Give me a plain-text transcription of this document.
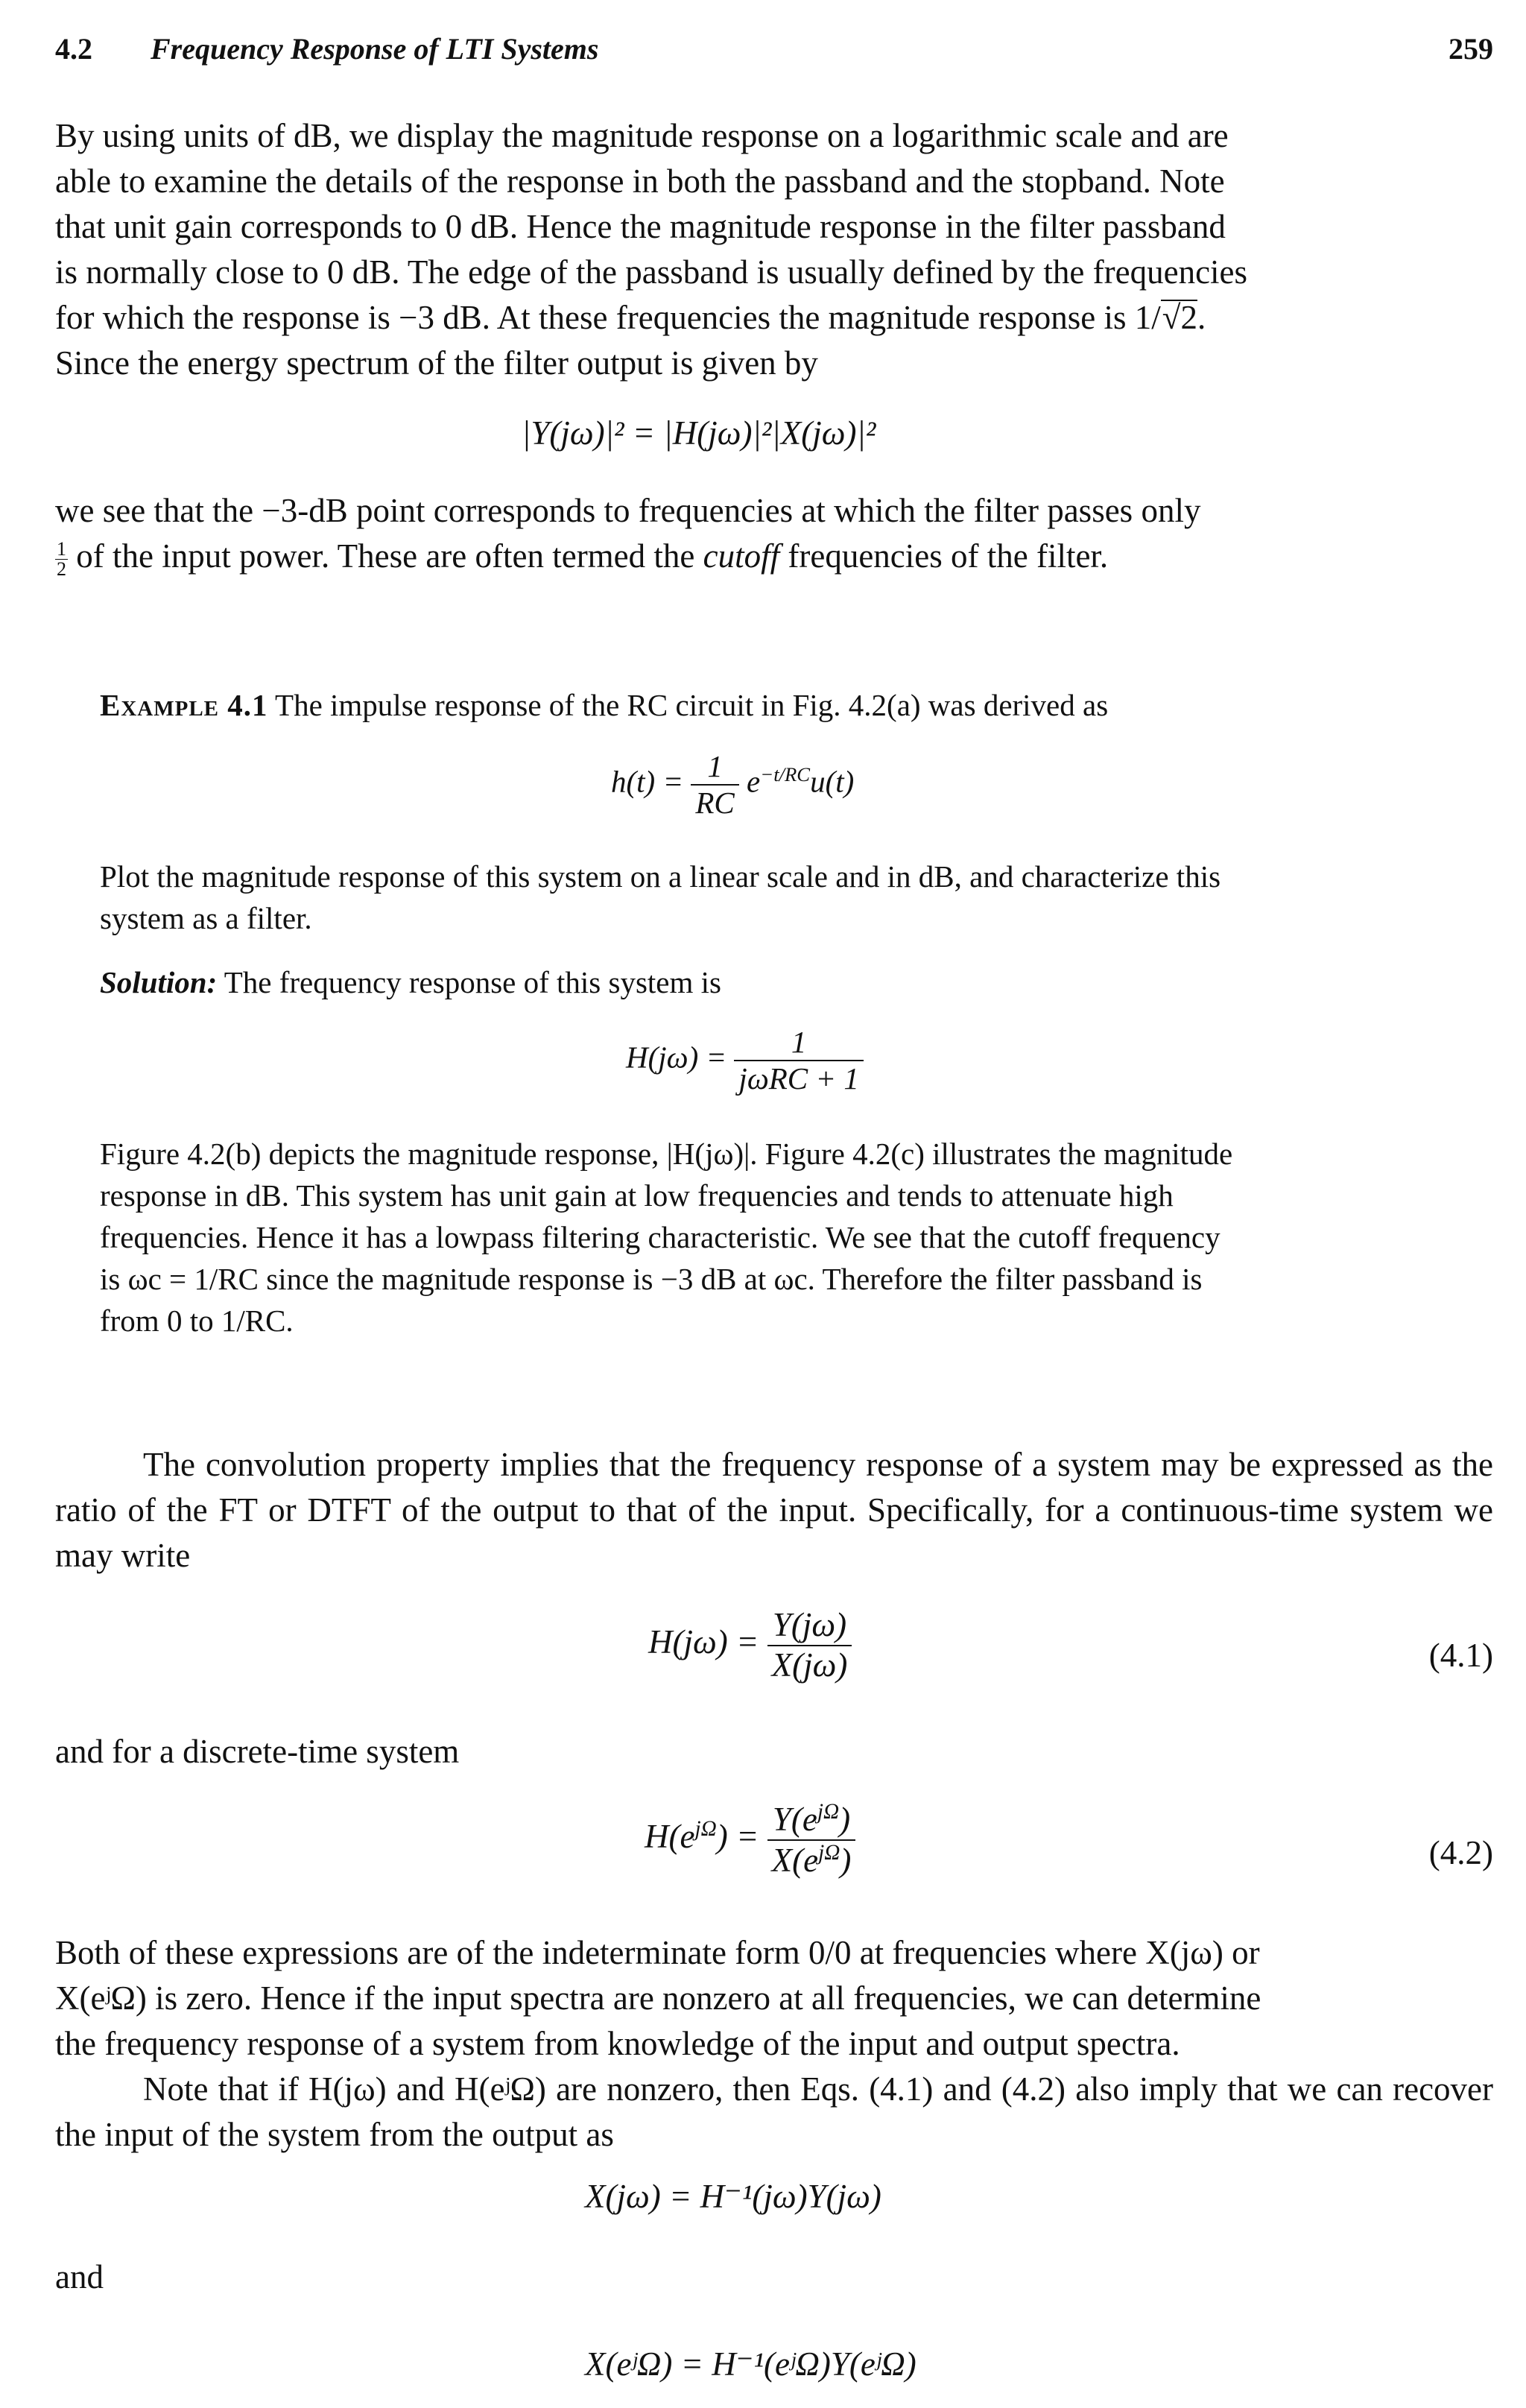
4.2 Frequency Response of LTI Systems	259
By using units of dB, we display the magnitude response on a logarithmic scale and are
able to examine the details of the response in both the passband and the stopband. Note
that unit gain corresponds to 0 dB. Hence the magnitude response in the filter passband
is normally close to 0 dB. The edge of the passband is usually defined by the frequencies
for which the response is −3 dB. At these frequencies the magnitude response is 1/√2.
Since the energy spectrum of the filter output is given by
|Y(jω)|² = |H(jω)|²|X(jω)|²
we see that the −3-dB point corresponds to frequencies at which the filter passes only
$\frac{1}{2}$ of the input power. These are often termed the cutoff frequencies of the filter.
Example 4.1 The impulse response of the RC circuit in Fig. 4.2(a) was derived as
$h(t) = \frac{1}{RC} e^{-t/RC}u(t)$
Plot the magnitude response of this system on a linear scale and in dB, and characterize this
system as a filter.
Solution: The frequency response of this system is
$H(j\omega) = \frac{1}{\text{jωRC + 1}}$
Figure 4.2(b) depicts the magnitude response, |H(jω)|. Figure 4.2(c) illustrates the magnitude
response in dB. This system has unit gain at low frequencies and tends to attenuate high
frequencies. Hence it has a lowpass filtering characteristic. We see that the cutoff frequency
is ωc = 1/RC since the magnitude response is −3 dB at ωc. Therefore the filter passband is
from 0 to 1/RC.
The convolution property implies that the frequency response of a system may be expressed as the ratio of the FT or DTFT of the output to that of the input. Specifically, for a continuous-time system we may write
$H(j\omega) = \frac{Y(j\omega)}{X(j\omega)}$	(4.1)
and for a discrete-time system
$H(e^{j\Omega}) = \frac{Y(e^{j\Omega})}{X(e^{j\Omega})}$	(4.2)
Both of these expressions are of the indeterminate form 0/0 at frequencies where X(jω) or
X(eʲΩ) is zero. Hence if the input spectra are nonzero at all frequencies, we can determine
the frequency response of a system from knowledge of the input and output spectra.
Note that if H(jω) and H(eʲΩ) are nonzero, then Eqs. (4.1) and (4.2) also imply that we can recover the input of the system from the output as
X(jω) = H⁻¹(jω)Y(jω)
and
X(eʲΩ) = H⁻¹(eʲΩ)Y(eʲΩ)
